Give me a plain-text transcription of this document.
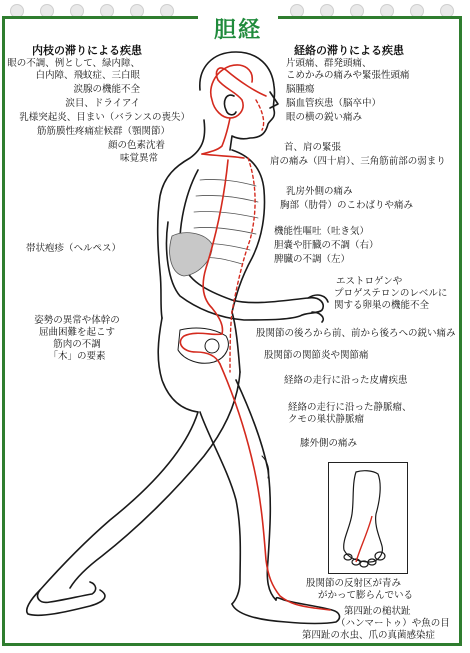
胆経
内枝の滞りによる疾患	経絡の滞りによる疾患
眼の不調、例として、緑内障、
白内障、飛蚊症、三白眼
涙腺の機能不全
涙目、ドライアイ
乳様突起炎、目まい（バランスの喪失）
筋筋膜性疼痛症候群（顎関節）
顔の色素沈着
味覚異常
帯状疱疹（ヘルペス）
姿勢の異常や体幹の
屈曲困難を起こす
筋肉の不調
「木」の要素
片頭痛、群発頭痛、
こめかみの痛みや緊張性頭痛
脳腫瘍
脳血管疾患（脳卒中）
眼の横の鋭い痛み
首、肩の緊張
肩の痛み（四十肩）、三角筋前部の弱まり
乳房外側の痛み
胸部（肋骨）のこわばりや痛み
機能性嘔吐（吐き気）
胆嚢や肝臓の不調（右）
脾臓の不調（左）
エストロゲンや
プロゲステロンのレベルに
関する卵巣の機能不全
股関節の後ろから前、前から後ろへの鋭い痛み
股関節の関節炎や関節痛
経絡の走行に沿った皮膚疾患
経絡の走行に沿った静脈瘤、
クモの巣状静脈瘤
膝外側の痛み
股関節の反射区が青み
がかって膨らんでいる
第四趾の槌状趾
（ハンマートゥ）や魚の目
第四趾の水虫、爪の真菌感染症
